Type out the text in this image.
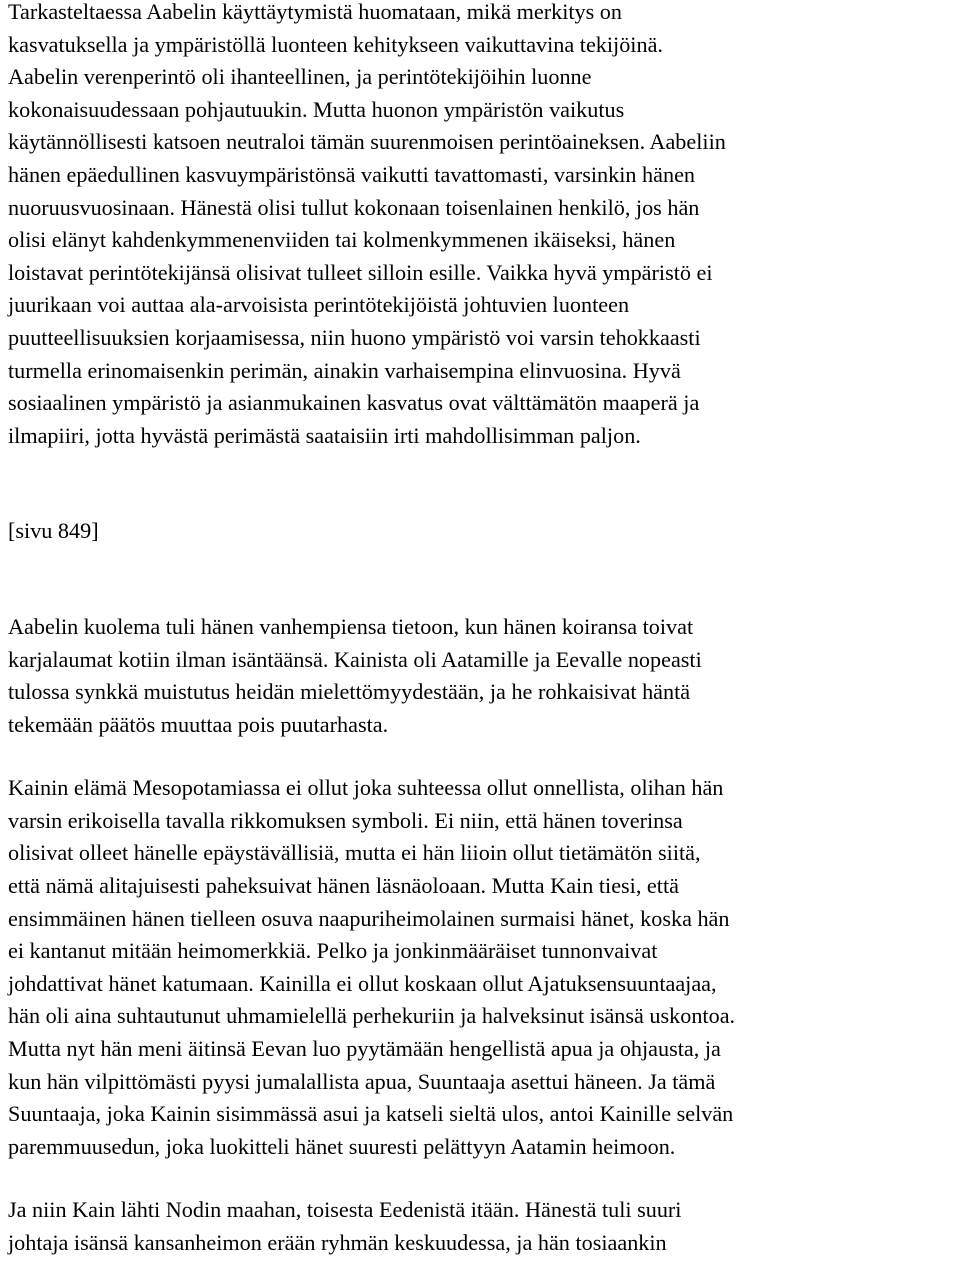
Tarkasteltaessa Aabelin käyttäytymistä huomataan, mikä merkitys on
kasvatuksella ja ympäristöllä luonteen kehitykseen vaikuttavina tekijöinä.
Aabelin verenperintö oli ihanteellinen, ja perintötekijöihin luonne
kokonaisuudessaan pohjautuukin. Mutta huonon ympäristön vaikutus
käytännöllisesti katsoen neutraloi tämän suurenmoisen perintöaineksen. Aabeliin
hänen epäedullinen kasvuympäristönsä vaikutti tavattomasti, varsinkin hänen
nuoruusvuosinaan. Hänestä olisi tullut kokonaan toisenlainen henkilö, jos hän
olisi elänyt kahdenkymmenenviiden tai kolmenkymmenen ikäiseksi, hänen
loistavat perintötekijänsä olisivat tulleet silloin esille. Vaikka hyvä ympäristö ei
juurikaan voi auttaa ala-arvoisista perintötekijöistä johtuvien luonteen
puutteellisuuksien korjaamisessa, niin huono ympäristö voi varsin tehokkaasti
turmella erinomaisenkin perimän, ainakin varhaisempina elinvuosina. Hyvä
sosiaalinen ympäristö ja asianmukainen kasvatus ovat välttämätön maaperä ja
ilmapiiri, jotta hyvästä perimästä saataisiin irti mahdollisimman paljon.

[sivu 849]

Aabelin kuolema tuli hänen vanhempiensa tietoon, kun hänen koiransa toivat
karjalaumat kotiin ilman isäntäänsä. Kainista oli Aatamille ja Eevalle nopeasti
tulossa synkkä muistutus heidän mielettömyydestään, ja he rohkaisivat häntä
tekemään päätös muuttaa pois puutarhasta.

Kainin elämä Mesopotamiassa ei ollut joka suhteessa ollut onnellista, olihan hän
varsin erikoisella tavalla rikkomuksen symboli. Ei niin, että hänen toverinsa
olisivat olleet hänelle epäystävällisiä, mutta ei hän liioin ollut tietämätön siitä,
että nämä alitajuisesti paheksuivat hänen läsnäoloaan. Mutta Kain tiesi, että
ensimmäinen hänen tielleen osuva naapuriheimolainen surmaisi hänet, koska hän
ei kantanut mitään heimomerkkiä. Pelko ja jonkinmääräiset tunnonvaivat
johdattivat hänet katumaan. Kainilla ei ollut koskaan ollut Ajatuksensuuntaajaa,
hän oli aina suhtautunut uhmamielellä perhekuriin ja halveksinut isänsä uskontoa.
Mutta nyt hän meni äitinsä Eevan luo pyytämään hengellistä apua ja ohjausta, ja
kun hän vilpittömästi pyysi jumalallista apua, Suuntaaja asettui häneen. Ja tämä
Suuntaaja, joka Kainin sisimmässä asui ja katseli sieltä ulos, antoi Kainille selvän
paremmuusedun, joka luokitteli hänet suuresti pelättyyn Aatamin heimoon.

Ja niin Kain lähti Nodin maahan, toisesta Eedenistä itään. Hänestä tuli suuri
johtaja isänsä kansanheimon erään ryhmän keskuudessa, ja hän tosiaankin
